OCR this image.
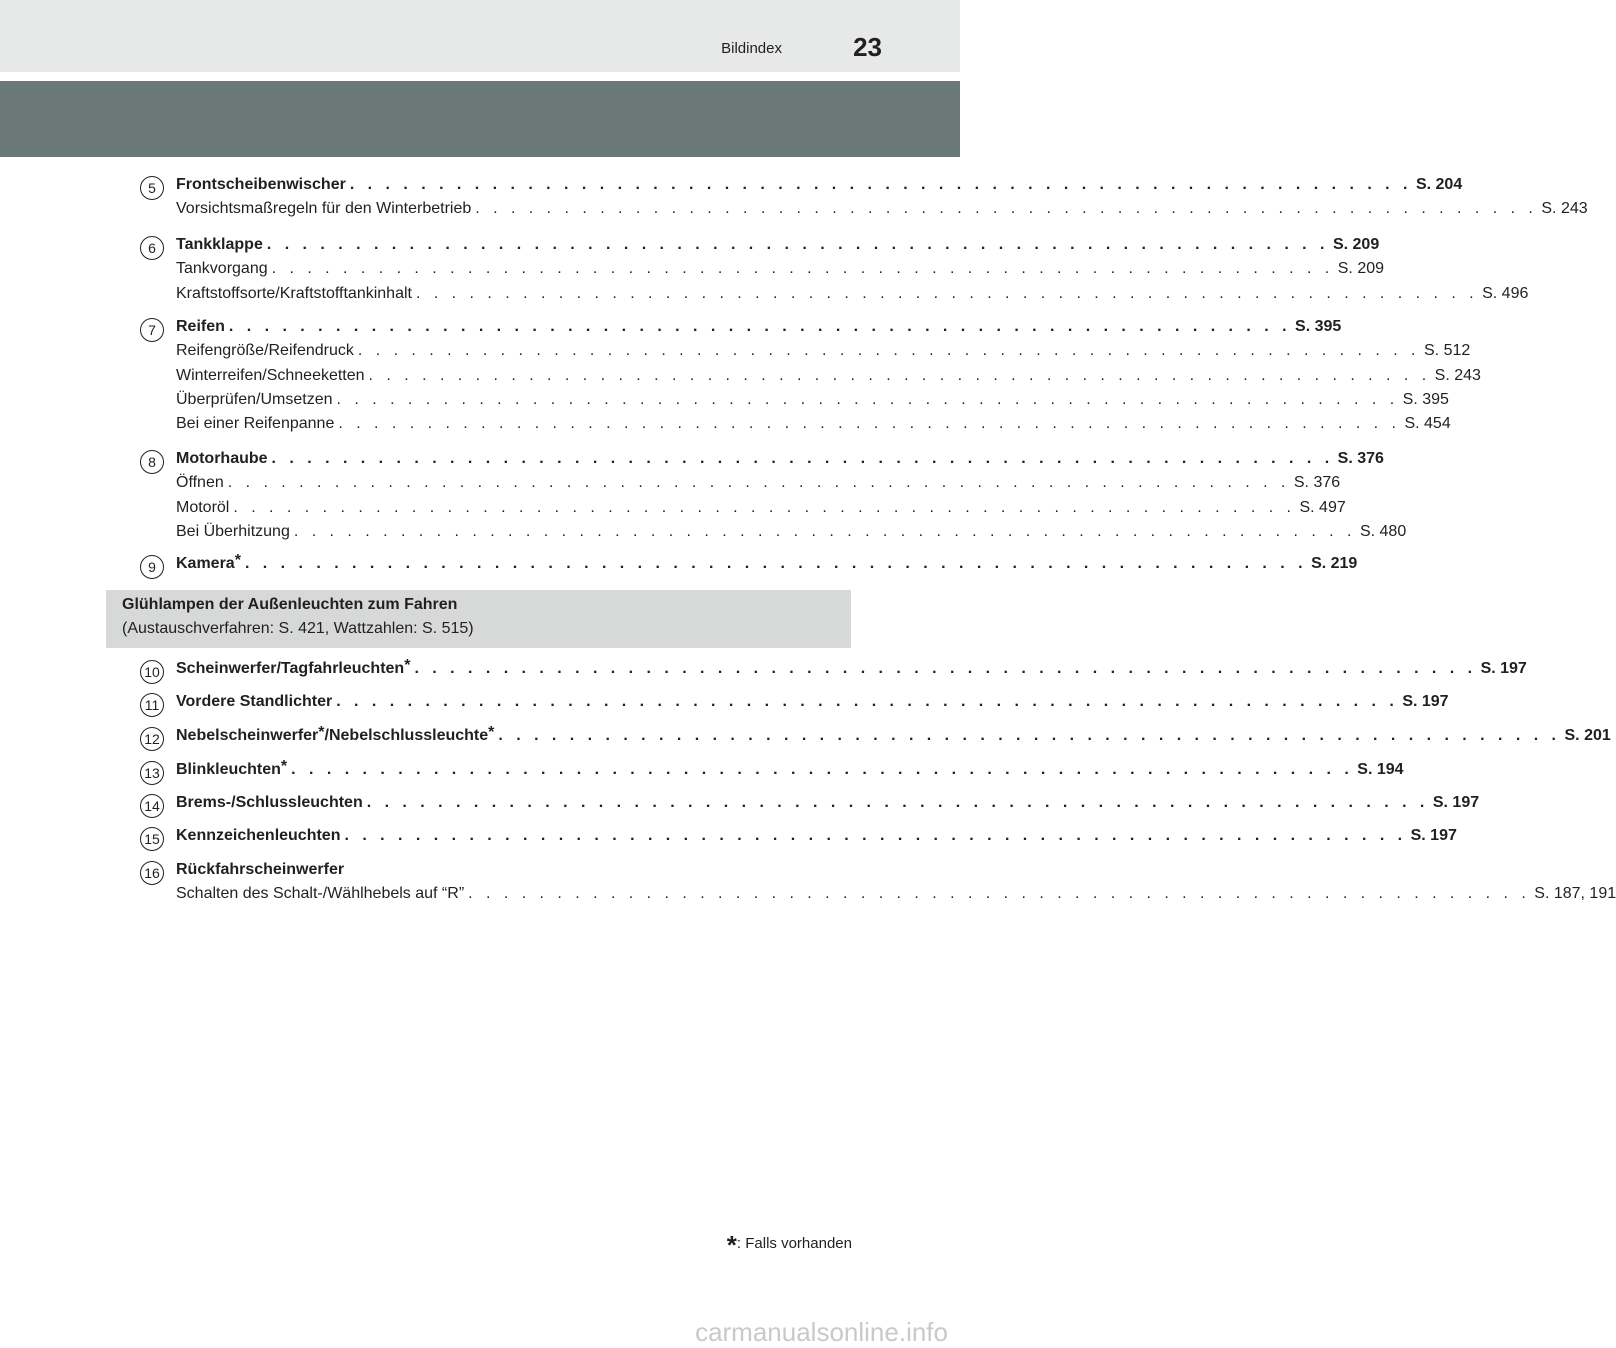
Bildindex	23
5	Frontscheibenwischer . . . . . . . . . . . . . . . . . . . . . . . . . . . . . . . . . . . . . . . . . . . . . . . . . . . . . . . . . . . . S. 204
Vorsichtsmaßregeln für den Winterbetrieb . . . . . . . . . . . . . . . . . . . . . . . . . . . . . . . . . . . . . . . . . . . . . . . . . . . . . . . . . . . . S. 243
6	Tankklappe . . . . . . . . . . . . . . . . . . . . . . . . . . . . . . . . . . . . . . . . . . . . . . . . . . . . . . . . . . . . S. 209
Tankvorgang . . . . . . . . . . . . . . . . . . . . . . . . . . . . . . . . . . . . . . . . . . . . . . . . . . . . . . . . . . . . S. 209
Kraftstoffsorte/Kraftstofftankinhalt . . . . . . . . . . . . . . . . . . . . . . . . . . . . . . . . . . . . . . . . . . . . . . . . . . . . . . . . . . . . S. 496
7	Reifen . . . . . . . . . . . . . . . . . . . . . . . . . . . . . . . . . . . . . . . . . . . . . . . . . . . . . . . . . . . . S. 395
Reifengröße/Reifendruck . . . . . . . . . . . . . . . . . . . . . . . . . . . . . . . . . . . . . . . . . . . . . . . . . . . . . . . . . . . . S. 512
Winterreifen/Schneeketten . . . . . . . . . . . . . . . . . . . . . . . . . . . . . . . . . . . . . . . . . . . . . . . . . . . . . . . . . . . . S. 243
Überprüfen/Umsetzen . . . . . . . . . . . . . . . . . . . . . . . . . . . . . . . . . . . . . . . . . . . . . . . . . . . . . . . . . . . . S. 395
Bei einer Reifenpanne . . . . . . . . . . . . . . . . . . . . . . . . . . . . . . . . . . . . . . . . . . . . . . . . . . . . . . . . . . . . S. 454
8	Motorhaube . . . . . . . . . . . . . . . . . . . . . . . . . . . . . . . . . . . . . . . . . . . . . . . . . . . . . . . . . . . . S. 376
Öffnen . . . . . . . . . . . . . . . . . . . . . . . . . . . . . . . . . . . . . . . . . . . . . . . . . . . . . . . . . . . . S. 376
Motoröl . . . . . . . . . . . . . . . . . . . . . . . . . . . . . . . . . . . . . . . . . . . . . . . . . . . . . . . . . . . . S. 497
Bei Überhitzung . . . . . . . . . . . . . . . . . . . . . . . . . . . . . . . . . . . . . . . . . . . . . . . . . . . . . . . . . . . . S. 480
9	Kamera* . . . . . . . . . . . . . . . . . . . . . . . . . . . . . . . . . . . . . . . . . . . . . . . . . . . . . . . . . . . . S. 219
Glühlampen der Außenleuchten zum Fahren
(Austauschverfahren: S. 421, Wattzahlen: S. 515)
10 Scheinwerfer/Tagfahrleuchten* . . . . . . . . . . . . . . . . . . . . . . . . . . . . . . . . . . . . . . . . . . . . . . . . . . . . . . . . . . . . S. 197
11 Vordere Standlichter . . . . . . . . . . . . . . . . . . . . . . . . . . . . . . . . . . . . . . . . . . . . . . . . . . . . . . . . . . . . S. 197
12 Nebelscheinwerfer*/Nebelschlussleuchte* . . . . . . . . . . . . . . . . . . . . . . . . . . . . . . . . . . . . . . . . . . . . . . . . . . . . . . . . . . . . S. 201
13 Blinkleuchten* . . . . . . . . . . . . . . . . . . . . . . . . . . . . . . . . . . . . . . . . . . . . . . . . . . . . . . . . . . . . S. 194
14 Brems-/Schlussleuchten . . . . . . . . . . . . . . . . . . . . . . . . . . . . . . . . . . . . . . . . . . . . . . . . . . . . . . . . . . . . S. 197
15 Kennzeichenleuchten . . . . . . . . . . . . . . . . . . . . . . . . . . . . . . . . . . . . . . . . . . . . . . . . . . . . . . . . . . . . S. 197
16 Rückfahrscheinwerfer
Schalten des Schalt-/Wählhebels auf “R” . . . . . . . . . . . . . . . . . . . . . . . . . . . . . . . . . . . . . . . . . . . . . . . . . . . . . . . . . . . . S. 187, 191
*: Falls vorhanden
carmanualsonline.info
